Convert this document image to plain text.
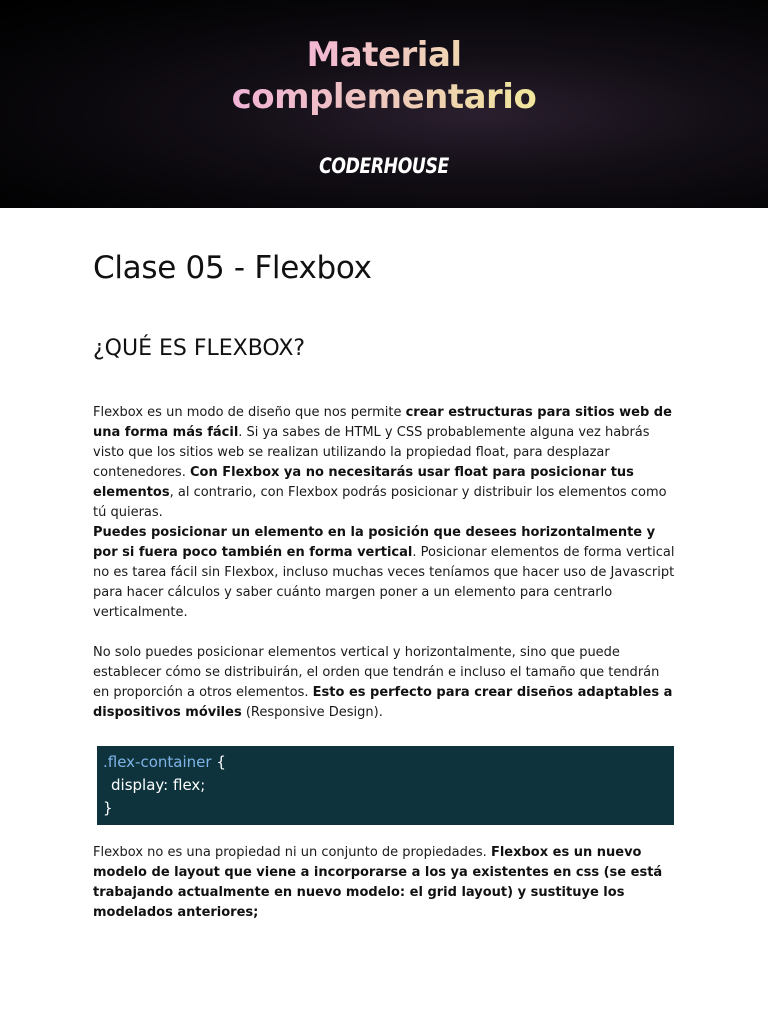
Material
complementario
CODERHOUSE
Clase 05 - Flexbox
¿QUÉ ES FLEXBOX?

Flexbox es un modo de diseño que nos permite crear estructuras para sitios web de una forma más fácil. Si ya sabes de HTML y CSS probablemente alguna vez habrás visto que los sitios web se realizan utilizando la propiedad float, para desplazar contenedores. Con Flexbox ya no necesitarás usar float para posicionar tus elementos, al contrario, con Flexbox podrás posicionar y distribuir los elementos como tú quieras.

Puedes posicionar un elemento en la posición que desees horizontalmente y por si fuera poco también en forma vertical. Posicionar elementos de forma vertical no es tarea fácil sin Flexbox, incluso muchas veces teníamos que hacer uso de Javascript para hacer cálculos y saber cuánto margen poner a un elemento para centrarlo verticalmente.

No solo puedes posicionar elementos vertical y horizontalmente, sino que puede establecer cómo se distribuirán, el orden que tendrán e incluso el tamaño que tendrán en proporción a otros elementos. Esto es perfecto para crear diseños adaptables a dispositivos móviles (Responsive Design).

.flex-container {
display: flex;
}

Flexbox no es una propiedad ni un conjunto de propiedades. Flexbox es un nuevo modelo de layout que viene a incorporarse a los ya existentes en css (se está trabajando actualmente en nuevo modelo: el grid layout) y sustituye los modelados anteriores;
